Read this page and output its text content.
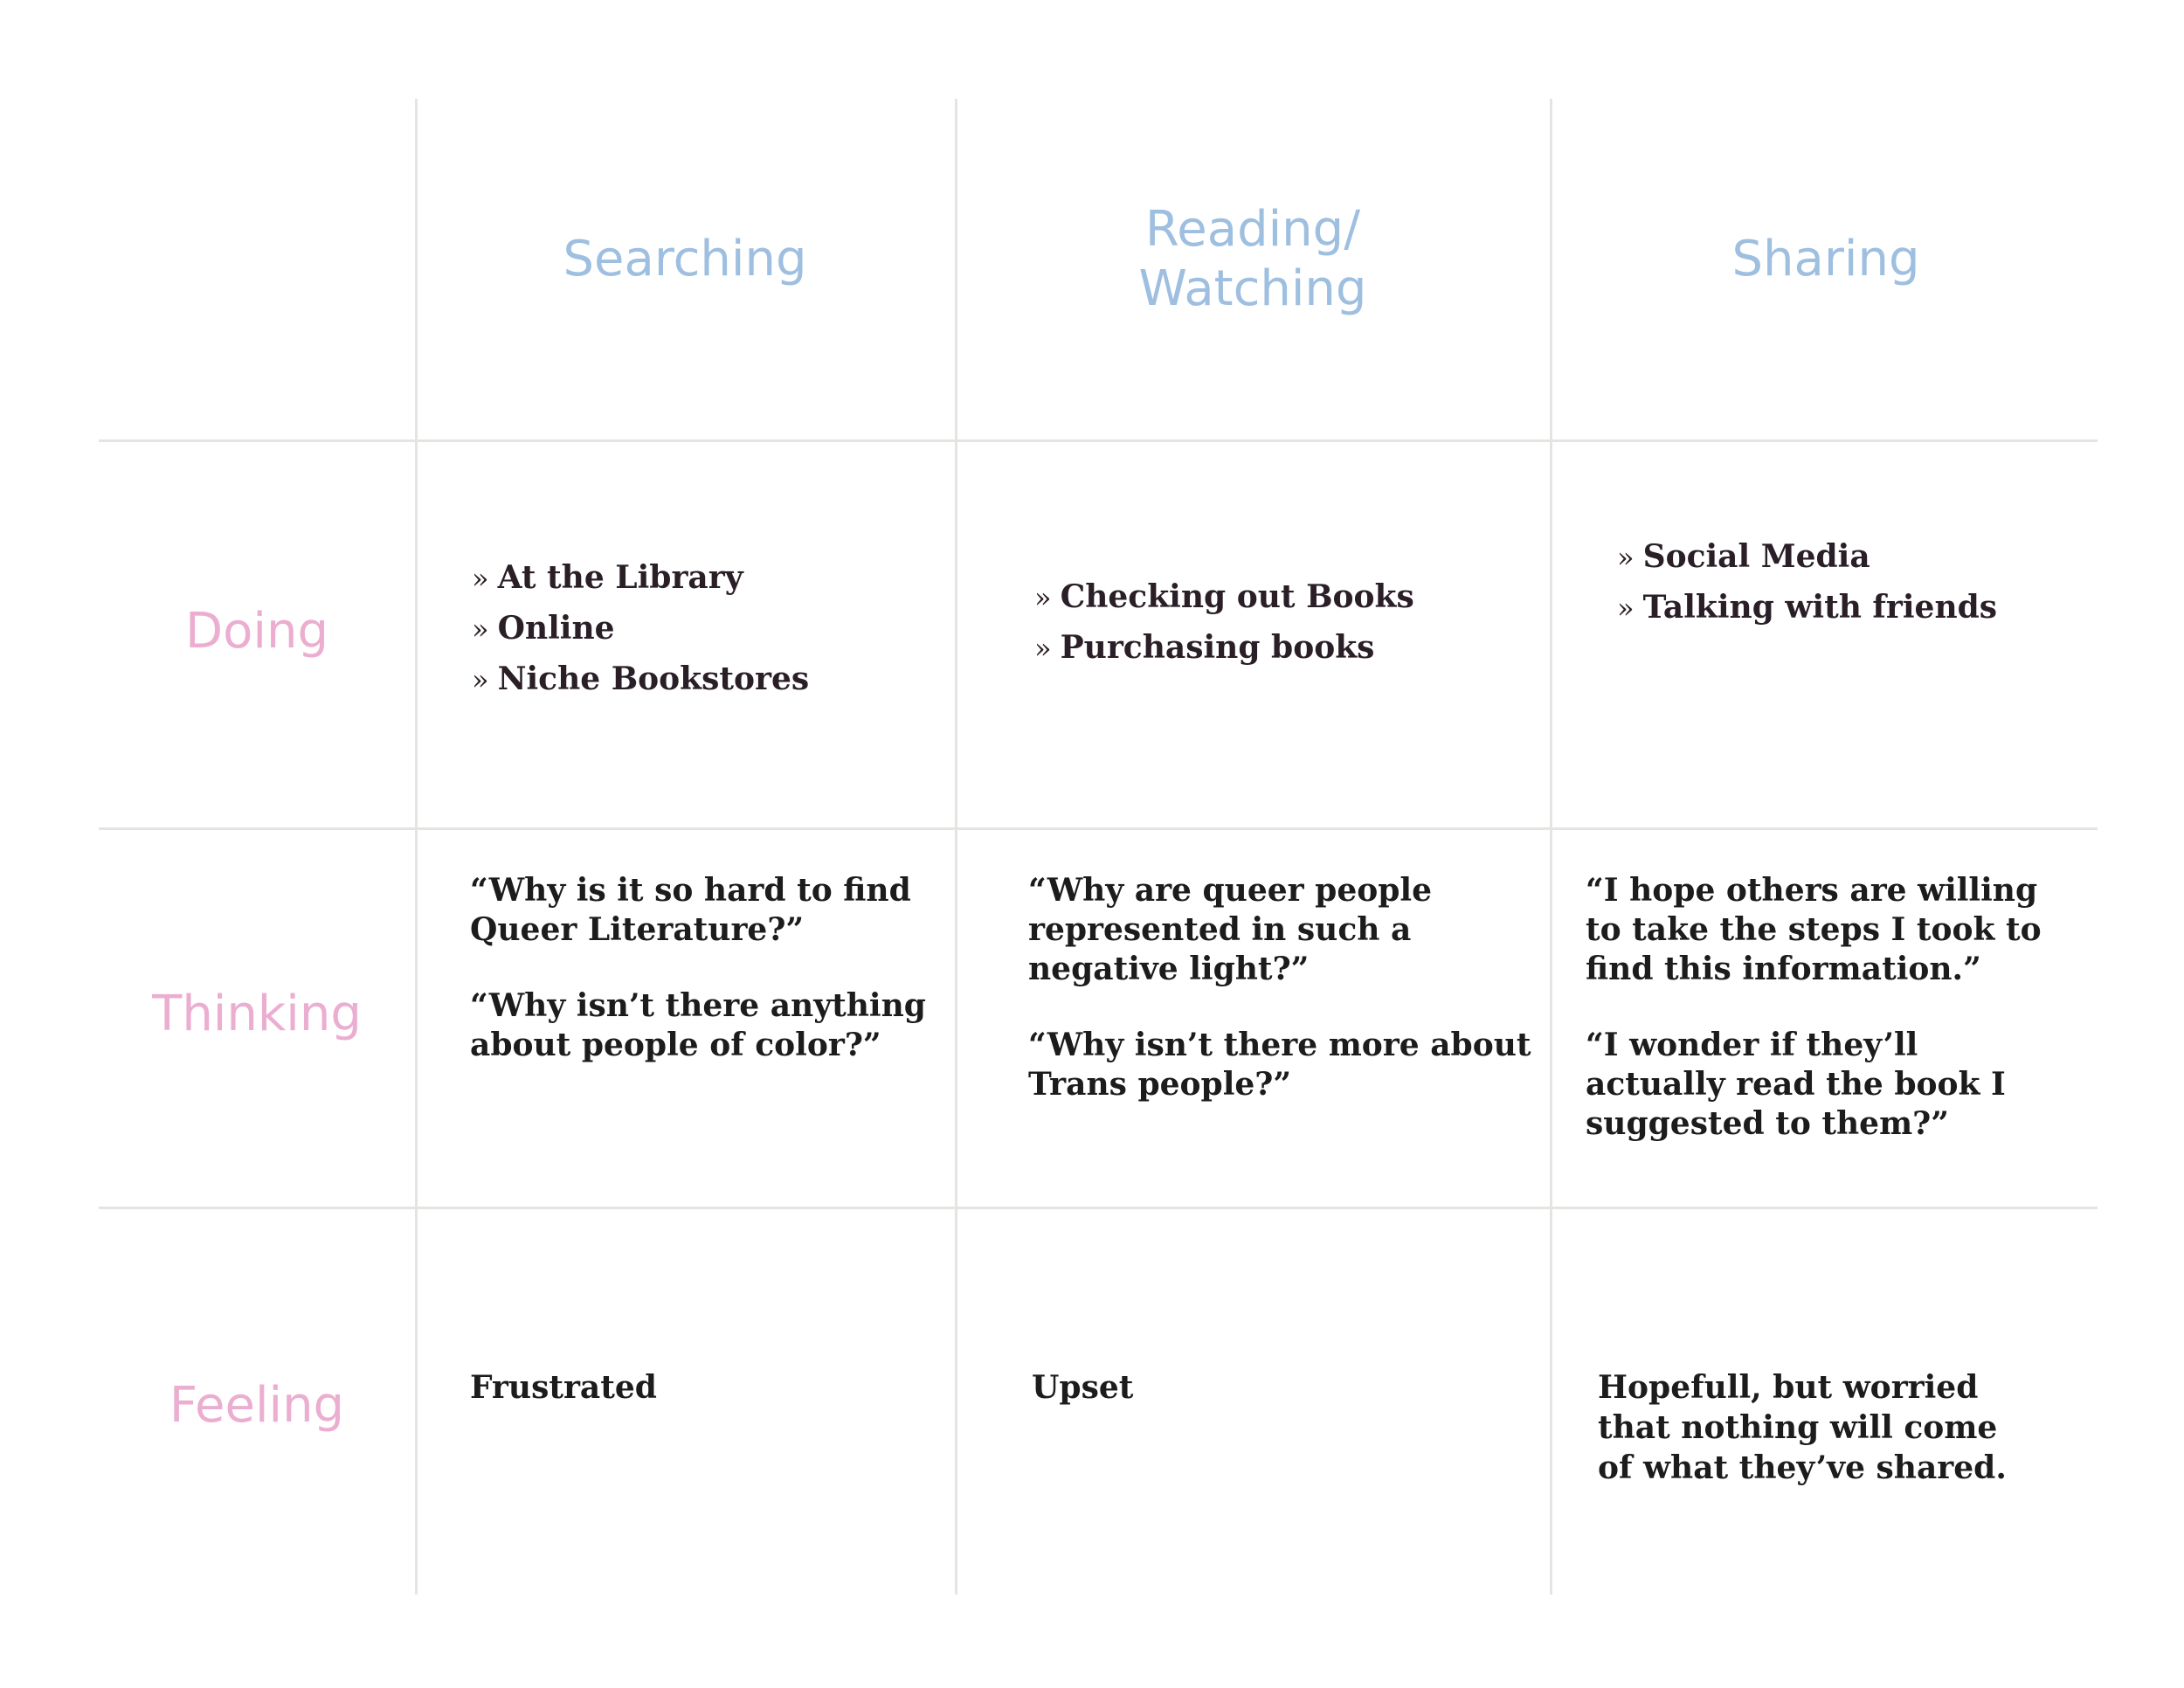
Searching
Reading/
Watching
Sharing
Doing
Thinking
Feeling
» At the Library
» Online
» Niche Bookstores
» Checking out Books
» Purchasing books
» Social Media
» Talking with friends

“Why is it so hard to find Queer Literature?”

“Why isn’t there anything about people of color?”

“Why are queer people represented in such a negative light?”

“Why isn’t there more about Trans people?”

“I hope others are willing to take the steps I took to find this information.”

“I wonder if they’ll actually read the book I suggested to them?”

Frustrated	Upset	Hopefull, but worried that nothing will come of what they’ve shared.
